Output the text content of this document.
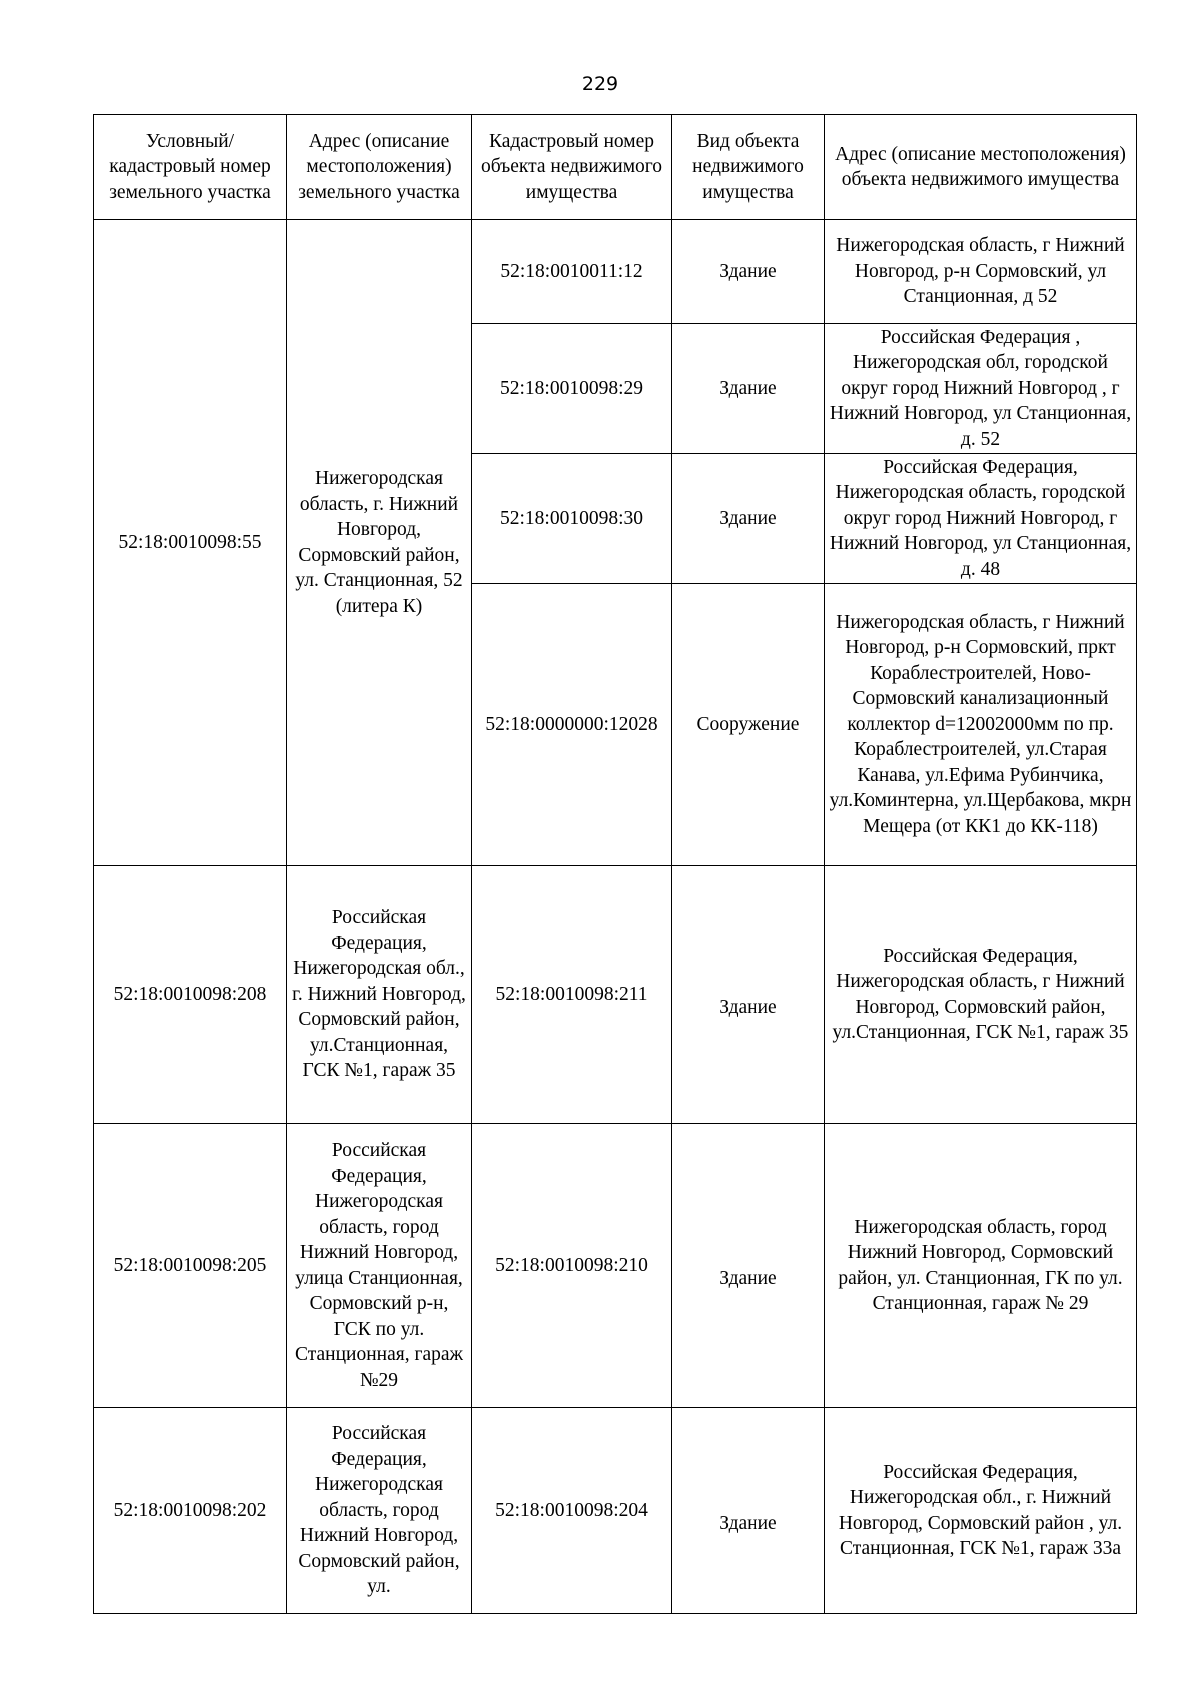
229
Условный/ кадастровый номер земельного участка	Адрес (описание местоположения) земельного участка	Кадастровый номер объекта недвижимого имущества	Вид объекта недвижимого имущества	Адрес (описание местоположения) объекта недвижимого имущества
52:18:0010098:55	Нижегородская область, г. Нижний Новгород, Сормовский район, ул. Станционная, 52 (литера К)	52:18:0010011:12	Здание	Нижегородская область, г Нижний Новгород, р-н Сормовский, ул Станционная, д 52
		52:18:0010098:29	Здание	Российская Федерация , Нижегородская обл, городской округ город Нижний Новгород , г Нижний Новгород, ул Станционная, д. 52
		52:18:0010098:30	Здание	Российская Федерация, Нижегородская область, городской округ город Нижний Новгород, г Нижний Новгород, ул Станционная, д. 48
		52:18:0000000:12028	Сооружение	Нижегородская область, г Нижний Новгород, р-н Сормовский, пркт Кораблестроителей, Ново-Сормовский канализационный коллектор d=12002000мм по пр. Кораблестроителей, ул.Старая Канава, ул.Ефима Рубинчика, ул.Коминтерна, ул.Щербакова, мкрн Мещера (от КК1 до КК-118)
52:18:0010098:208	Российская Федерация, Нижегородская обл., г. Нижний Новгород, Сормовский район, ул.Станционная, ГСК №1, гараж 35	52:18:0010098:211	Здание	Российская Федерация, Нижегородская область, г Нижний Новгород, Сормовский район, ул.Станционная, ГСК №1, гараж 35
52:18:0010098:205	Российская Федерация, Нижегородская область, город Нижний Новгород, улица Станционная, Сормовский р-н, ГСК по ул. Станционная, гараж №29	52:18:0010098:210	Здание	Нижегородская область, город Нижний Новгород, Сормовский район, ул. Станционная, ГК по ул. Станционная, гараж № 29
52:18:0010098:202	Российская Федерация, Нижегородская область, город Нижний Новгород, Сормовский район, ул.	52:18:0010098:204	Здание	Российская Федерация, Нижегородская обл., г. Нижний Новгород, Сормовский район , ул. Станционная, ГСК №1, гараж 33а
